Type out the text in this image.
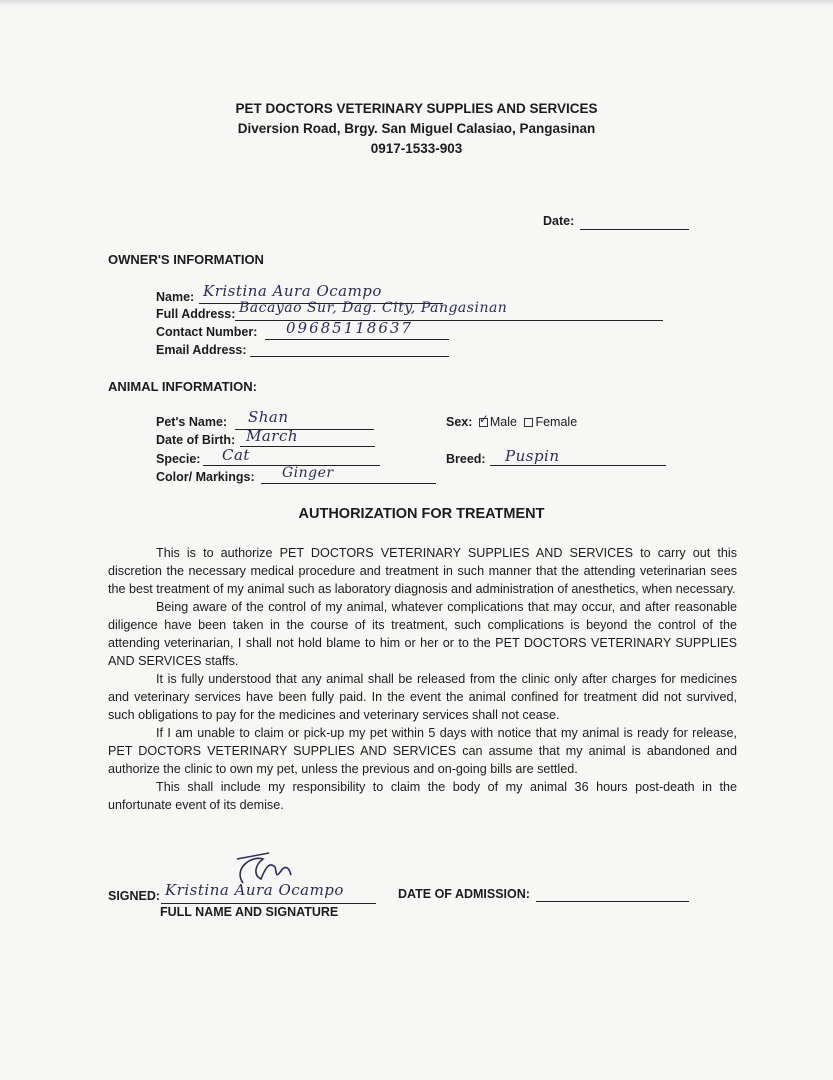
PET DOCTORS VETERINARY SUPPLIES AND SERVICES
Diversion Road, Brgy. San Miguel Calasiao, Pangasinan
0917-1533-903
Date:
OWNER'S INFORMATION
Name: Kristina Aura Ocampo
Full Address: Bacayao Sur, Dag. City, Pangasinan
Contact Number: 09685118637
Email Address:
ANIMAL INFORMATION:
Pet's Name: Shan
Date of Birth: March
Specie: Cat
Color/ Markings: Ginger
Sex: ✓ Male Female
Breed: Puspin
AUTHORIZATION FOR TREATMENT

This is to authorize PET DOCTORS VETERINARY SUPPLIES AND SERVICES to carry out this discretion the necessary medical procedure and treatment in such manner that the attending veterinarian sees the best treatment of my animal such as laboratory diagnosis and administration of anesthetics, when necessary.

Being aware of the control of my animal, whatever complications that may occur, and after reasonable diligence have been taken in the course of its treatment, such complications is beyond the control of the attending veterinarian, I shall not hold blame to him or her or to the PET DOCTORS VETERINARY SUPPLIES AND SERVICES staffs.

It is fully understood that any animal shall be released from the clinic only after charges for medicines and veterinary services have been fully paid. In the event the animal confined for treatment did not survived, such obligations to pay for the medicines and veterinary services shall not cease.

If I am unable to claim or pick-up my pet within 5 days with notice that my animal is ready for release, PET DOCTORS VETERINARY SUPPLIES AND SERVICES can assume that my animal is abandoned and authorize the clinic to own my pet, unless the previous and on-going bills are settled.

This shall include my responsibility to claim the body of my animal 36 hours post-death in the unfortunate event of its demise.

SIGNED: Kristina Aura Ocampo
FULL NAME AND SIGNATURE
DATE OF ADMISSION:
